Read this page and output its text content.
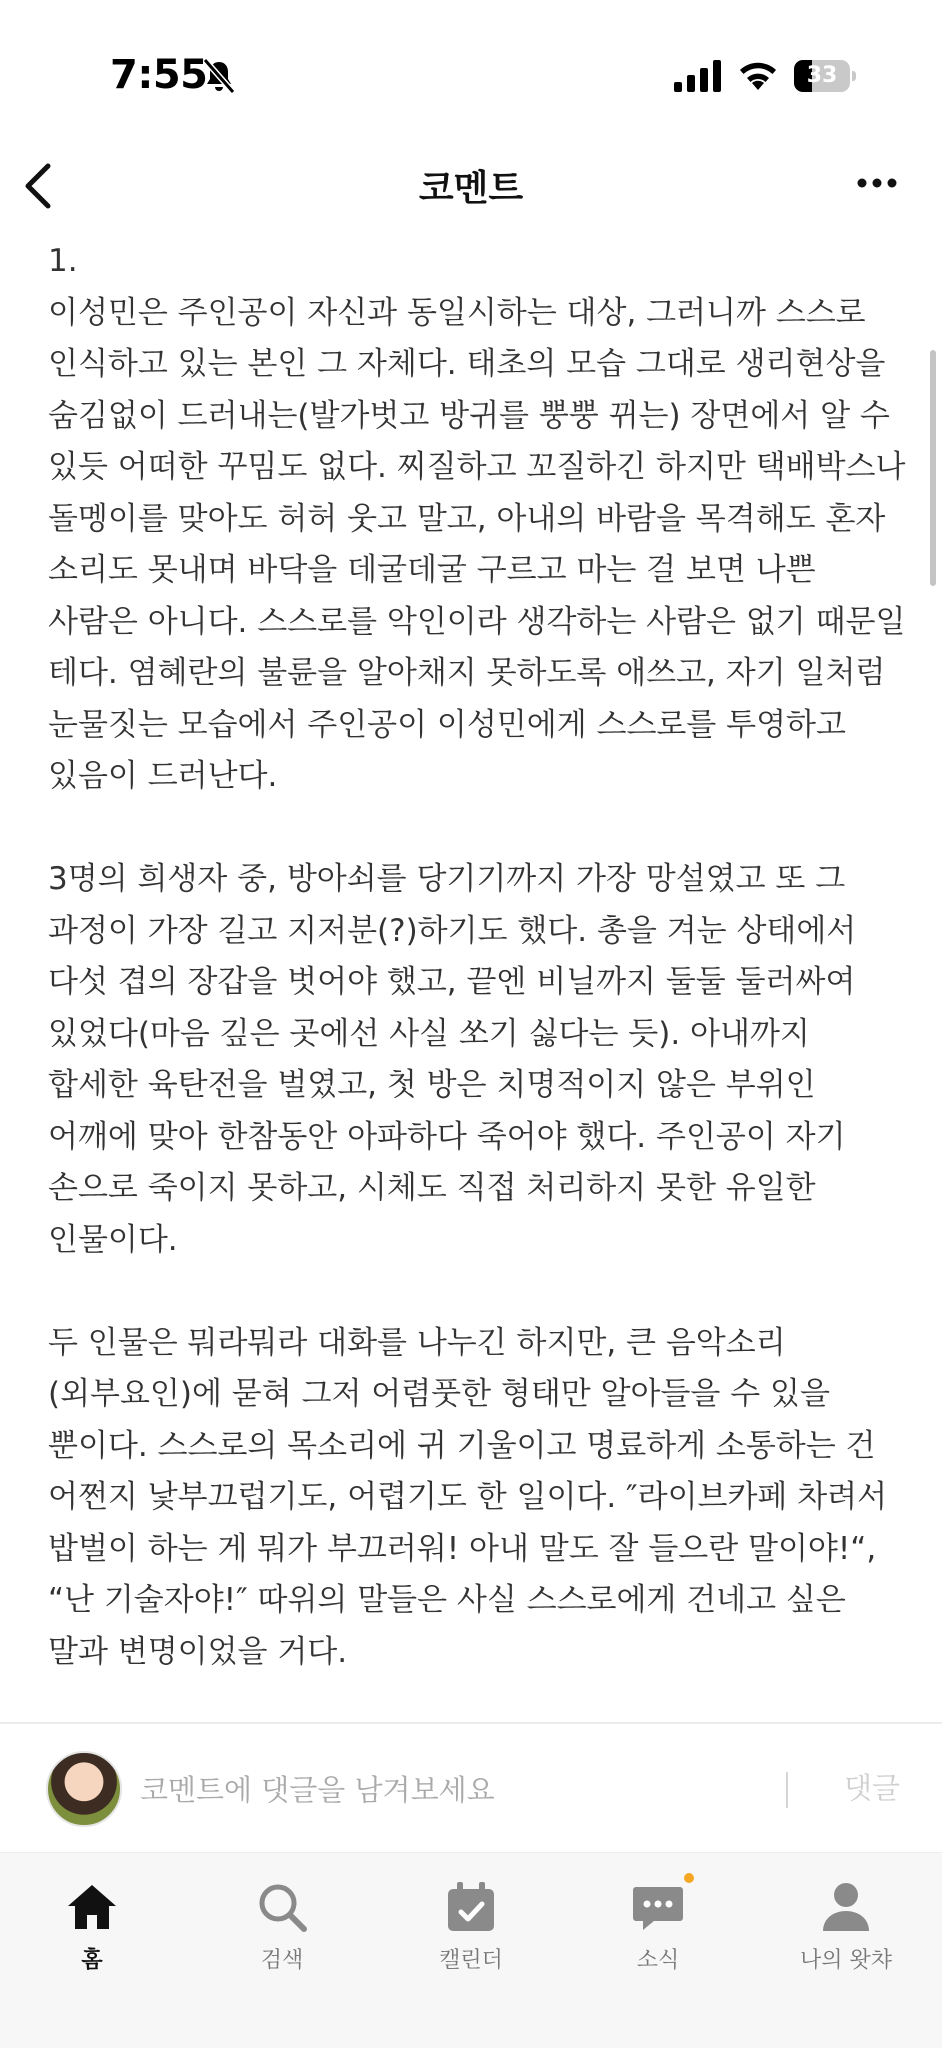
7:55	33
코멘트

1.
이성민은 주인공이 자신과 동일시하는 대상, 그러니까 스스로 인식하고 있는 본인 그 자체다. 태초의 모습 그대로 생리현상을 숨김없이 드러내는(발가벗고 방귀를 뿡뿡 뀌는) 장면에서 알 수 있듯 어떠한 꾸밈도 없다. 찌질하고 꼬질하긴 하지만 택배박스나 돌멩이를 맞아도 허허 웃고 말고, 아내의 바람을 목격해도 혼자 소리도 못내며 바닥을 데굴데굴 구르고 마는 걸 보면 나쁜 사람은 아니다. 스스로를 악인이라 생각하는 사람은 없기 때문일 테다. 염혜란의 불륜을 알아채지 못하도록 애쓰고, 자기 일처럼 눈물짓는 모습에서 주인공이 이성민에게 스스로를 투영하고 있음이 드러난다.

3명의 희생자 중, 방아쇠를 당기기까지 가장 망설였고 또 그 과정이 가장 길고 지저분(?)하기도 했다. 총을 겨눈 상태에서 다섯 겹의 장갑을 벗어야 했고, 끝엔 비닐까지 둘둘 둘러싸여 있었다(마음 깊은 곳에선 사실 쏘기 싫다는 듯). 아내까지 합세한 육탄전을 벌였고, 첫 방은 치명적이지 않은 부위인 어깨에 맞아 한참동안 아파하다 죽어야 했다. 주인공이 자기 손으로 죽이지 못하고, 시체도 직접 처리하지 못한 유일한 인물이다.

두 인물은 뭐라뭐라 대화를 나누긴 하지만, 큰 음악소리(외부요인)에 묻혀 그저 어렴풋한 형태만 알아들을 수 있을 뿐이다. 스스로의 목소리에 귀 기울이고 명료하게 소통하는 건 어쩐지 낯부끄럽기도, 어렵기도 한 일이다. ″라이브카페 차려서 밥벌이 하는 게 뭐가 부끄러워! 아내 말도 잘 들으란 말이야!“, “난 기술자야!″ 따위의 말들은 사실 스스로에게 건네고 싶은 말과 변명이었을 거다.

코멘트에 댓글을 남겨보세요
댓글
홈	검색	캘린더	소식	나의 왓챠
